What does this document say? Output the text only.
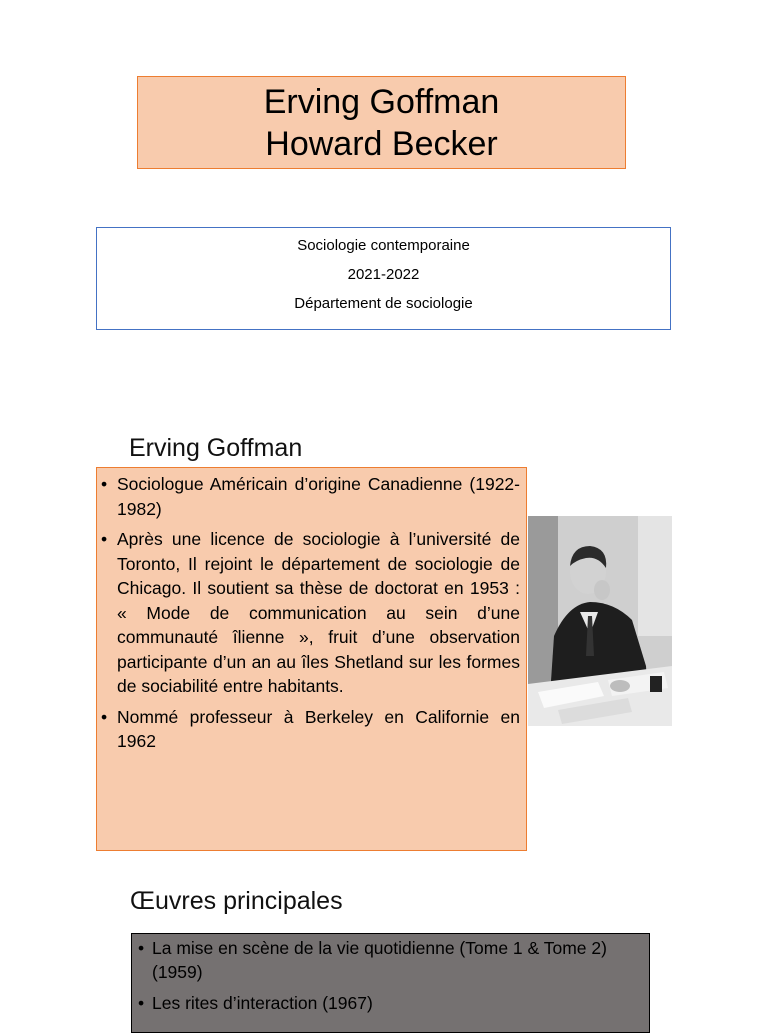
Erving Goffman
Howard Becker
Sociologie contemporaine
2021-2022
Département de sociologie
Erving Goffman
• Sociologue Américain d’origine Canadienne (1922-1982)
• Après une licence de sociologie à l’université de Toronto, Il rejoint le département de sociologie de Chicago. Il soutient sa thèse de doctorat en 1953 : « Mode de communication au sein d’une communauté îlienne », fruit d’une observation participante d’un an au îles Shetland sur les formes de sociabilité entre habitants.
• Nommé professeur à Berkeley en Californie en 1962
Œuvres principales
• La mise en scène de la vie quotidienne (Tome 1 & Tome 2) (1959)
• Les rites d’interaction (1967)
